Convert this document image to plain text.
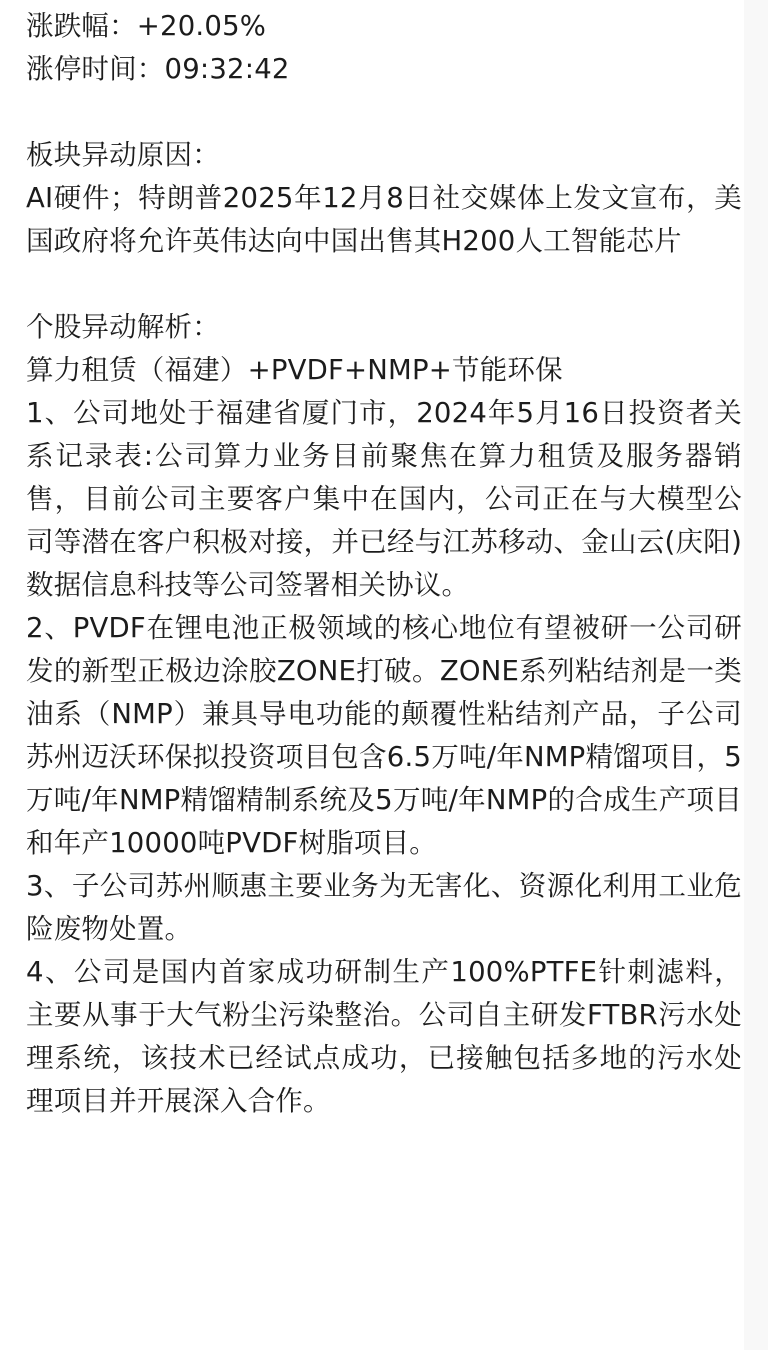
涨跌幅：+20.05%
涨停时间：09:32:42
板块异动原因：

AI硬件；特朗普2025年12月8日社交媒体上发文宣布，美国政府将允许英伟达向中国出售其H200人工智能芯片

个股异动解析：
算力租赁（福建）+PVDF+NMP+节能环保

1、公司地处于福建省厦门市，2024年5月16日投资者关系记录表:公司算力业务目前聚焦在算力租赁及服务器销售，目前公司主要客户集中在国内，公司正在与大模型公司等潜在客户积极对接，并已经与江苏移动、金山云(庆阳)数据信息科技等公司签署相关协议。

2、PVDF在锂电池正极领域的核心地位有望被研一公司研发的新型正极边涂胶ZONE打破。ZONE系列粘结剂是一类油系（NMP）兼具导电功能的颠覆性粘结剂产品，子公司苏州迈沃环保拟投资项目包含6.5万吨/年NMP精馏项目，5万吨/年NMP精馏精制系统及5万吨/年NMP的合成生产项目和年产10000吨PVDF树脂项目。

3、子公司苏州顺惠主要业务为无害化、资源化利用工业危险废物处置。

4、公司是国内首家成功研制生产100%PTFE针刺滤料，主要从事于大气粉尘污染整治。公司自主研发FTBR污水处理系统，该技术已经试点成功，已接触包括多地的污水处理项目并开展深入合作。
